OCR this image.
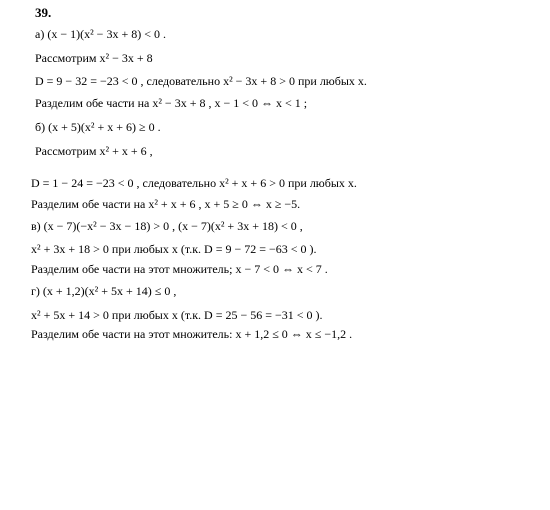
39.
а) (x − 1)(x² − 3x + 8) < 0 .
Рассмотрим x² − 3x + 8
D = 9 − 32 = −23 < 0 , следовательно x² − 3x + 8 > 0 при любых x.
Разделим обе части на x² − 3x + 8 , x − 1 < 0 ⇔ x < 1 ;
б) (x + 5)(x² + x + 6) ≥ 0 .
Рассмотрим x² + x + 6 ,
D = 1 − 24 = −23 < 0 , следовательно x² + x + 6 > 0 при любых x.
Разделим обе части на x² + x + 6 , x + 5 ≥ 0 ⇔ x ≥ −5.
в) (x − 7)(−x² − 3x − 18) > 0 , (x − 7)(x² + 3x + 18) < 0 ,
x² + 3x + 18 > 0 при любых x (т.к. D = 9 − 72 = −63 < 0 ).
Разделим обе части на этот множитель; x − 7 < 0 ⇔ x < 7 .
г) (x + 1,2)(x² + 5x + 14) ≤ 0 ,
x² + 5x + 14 > 0 при любых x (т.к. D = 25 − 56 = −31 < 0 ).
Разделим обе части на этот множитель: x + 1,2 ≤ 0 ⇔ x ≤ −1,2 .
